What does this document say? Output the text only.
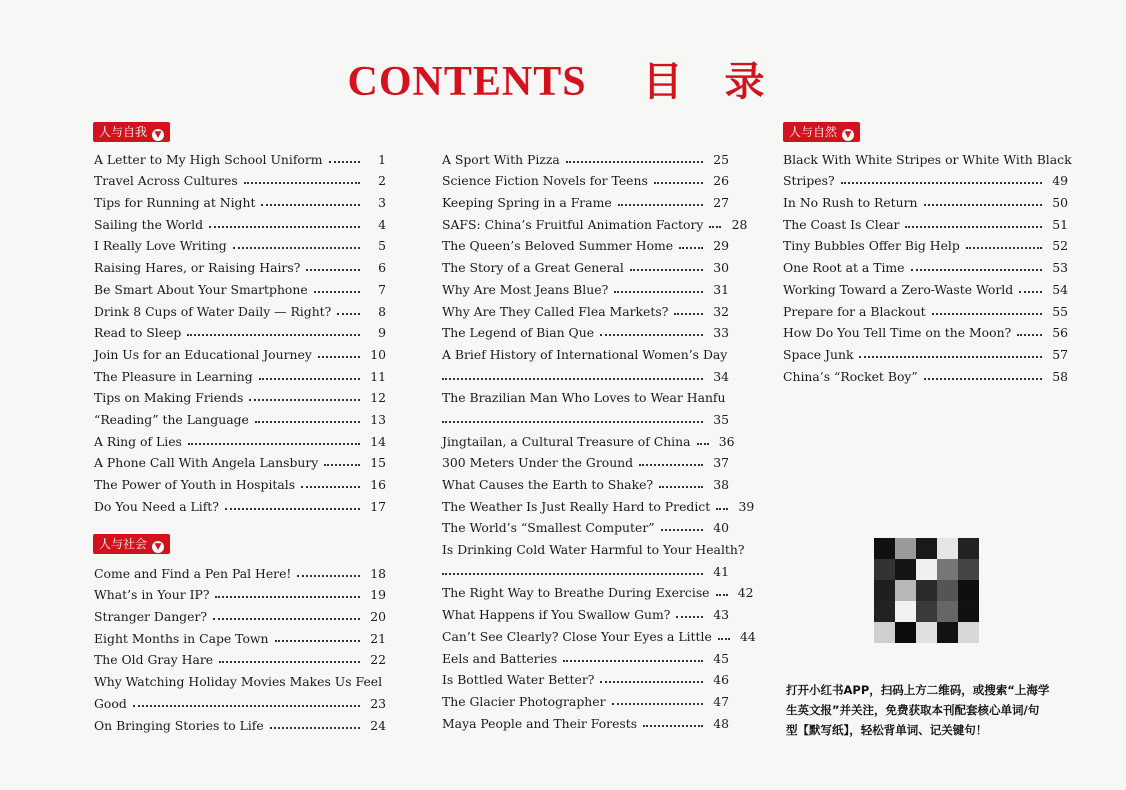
CONTENTS 目 录
人与自我 ▼
人与社会 ▼
人与自然 ▼
A Letter to My High School Uniform	1
Travel Across Cultures	2
Tips for Running at Night	3
Sailing the World	4
I Really Love Writing	5
Raising Hares, or Raising Hairs?	6
Be Smart About Your Smartphone	7
Drink 8 Cups of Water Daily — Right?	8
Read to Sleep	9
Join Us for an Educational Journey	10
The Pleasure in Learning	11
Tips on Making Friends	12
“Reading” the Language	13
A Ring of Lies	14
A Phone Call With Angela Lansbury	15
The Power of Youth in Hospitals	16
Do You Need a Lift?	17
Come and Find a Pen Pal Here!	18
What’s in Your IP?	19
Stranger Danger?	20
Eight Months in Cape Town	21
The Old Gray Hare	22
Why Watching Holiday Movies Makes Us Feel
Good	23
On Bringing Stories to Life	24
A Sport With Pizza	25
Science Fiction Novels for Teens	26
Keeping Spring in a Frame	27
SAFS: China’s Fruitful Animation Factory 28
The Queen’s Beloved Summer Home	29
The Story of a Great General	30
Why Are Most Jeans Blue?	31
Why Are They Called Flea Markets?	32
The Legend of Bian Que	33
A Brief History of International Women’s Day
34
The Brazilian Man Who Loves to Wear Hanfu
35
Jingtailan, a Cultural Treasure of China 36
300 Meters Under the Ground	37
What Causes the Earth to Shake?	38
The Weather Is Just Really Hard to Predict 39
The World’s “Smallest Computer”	40
Is Drinking Cold Water Harmful to Your Health?
41
The Right Way to Breathe During Exercise 42
What Happens if You Swallow Gum?	43
Can’t See Clearly? Close Your Eyes a Little 44
Eels and Batteries	45
Is Bottled Water Better?	46
The Glacier Photographer	47
Maya People and Their Forests	48
Black With White Stripes or White With Black
Stripes?	49
In No Rush to Return	50
The Coast Is Clear	51
Tiny Bubbles Offer Big Help	52
One Root at a Time	53
Working Toward a Zero-Waste World	54
Prepare for a Blackout	55
How Do You Tell Time on the Moon?	56
Space Junk	57
China’s “Rocket Boy”	58
打开小红书APP，扫码上方二维码，或搜索“上海学
生英文报”并关注，免费获取本刊配套核心单词/句
型【默写纸】，轻松背单词、记关键句！
